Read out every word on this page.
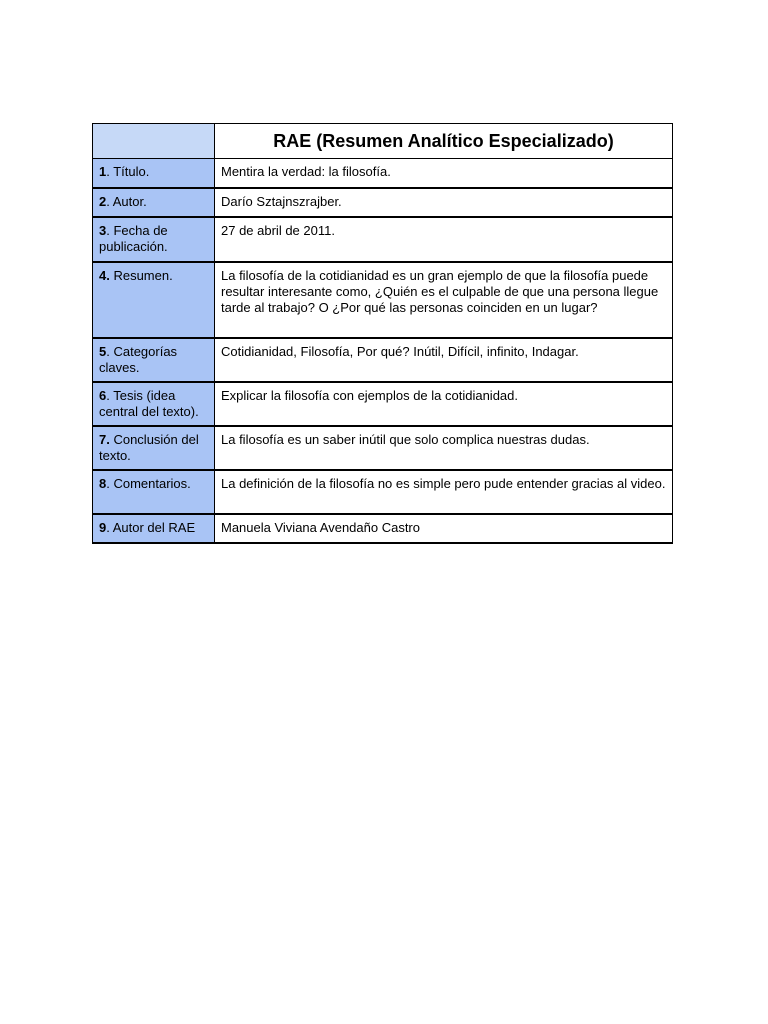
	RAE (Resumen Analítico Especializado)
1. Título.	Mentira la verdad: la filosofía.
2. Autor.	Darío Sztajnszrajber.
3. Fecha de publicación.	27 de abril de 2011.
4. Resumen.	La filosofía de la cotidianidad es un gran ejemplo de que la filosofía puede resultar interesante como, ¿Quién es el culpable de que una persona llegue tarde al trabajo? O ¿Por qué las personas coinciden en un lugar?
5. Categorías claves.	Cotidianidad, Filosofía, Por qué? Inútil, Difícil, infinito, Indagar.
6. Tesis (idea central del texto).	Explicar la filosofía con ejemplos de la cotidianidad.
7. Conclusión del texto.	La filosofía es un saber inútil que solo complica nuestras dudas.
8. Comentarios.	La definición de la filosofía no es simple pero pude entender gracias al video.
9. Autor del RAE	Manuela Viviana Avendaño Castro
